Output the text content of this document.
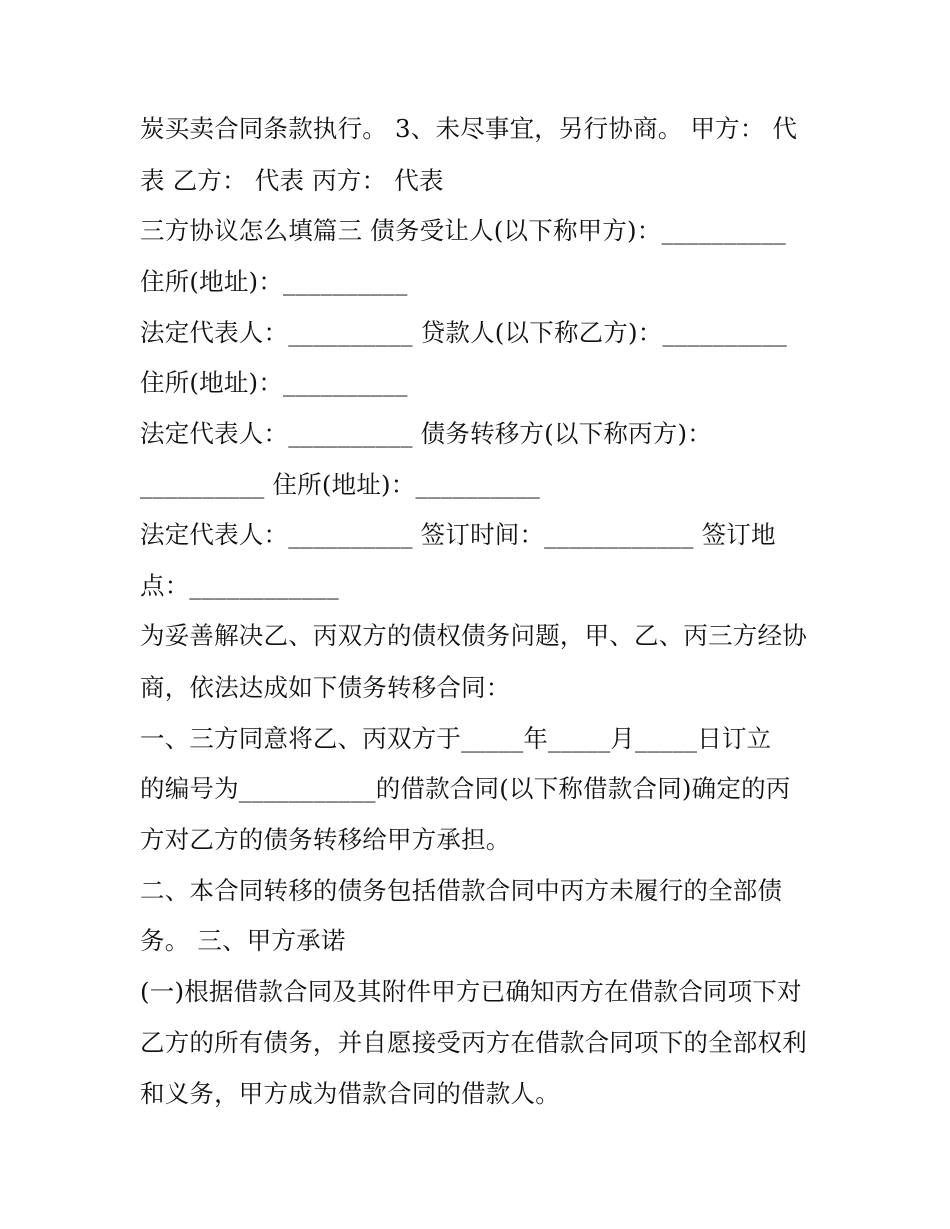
炭买卖合同条款执行。 3、未尽事宜，另行协商。 甲方： 代
表 乙方： 代表 丙方： 代表
三方协议怎么填篇三 债务受让人(以下称甲方)：__________
住所(地址)：__________
法定代表人：__________ 贷款人(以下称乙方)：__________
住所(地址)：__________
法定代表人：__________ 债务转移方(以下称丙方)：
__________ 住所(地址)：__________
法定代表人：__________ 签订时间：____________ 签订地
点：____________
为妥善解决乙、丙双方的债权债务问题，甲、乙、丙三方经协
商，依法达成如下债务转移合同：
一、三方同意将乙、丙双方于_____年_____月_____日订立
的编号为___________的借款合同(以下称借款合同)确定的丙
方对乙方的债务转移给甲方承担。
二、本合同转移的债务包括借款合同中丙方未履行的全部债
务。 三、甲方承诺
(一)根据借款合同及其附件甲方已确知丙方在借款合同项下对
乙方的所有债务，并自愿接受丙方在借款合同项下的全部权利
和义务，甲方成为借款合同的借款人。
